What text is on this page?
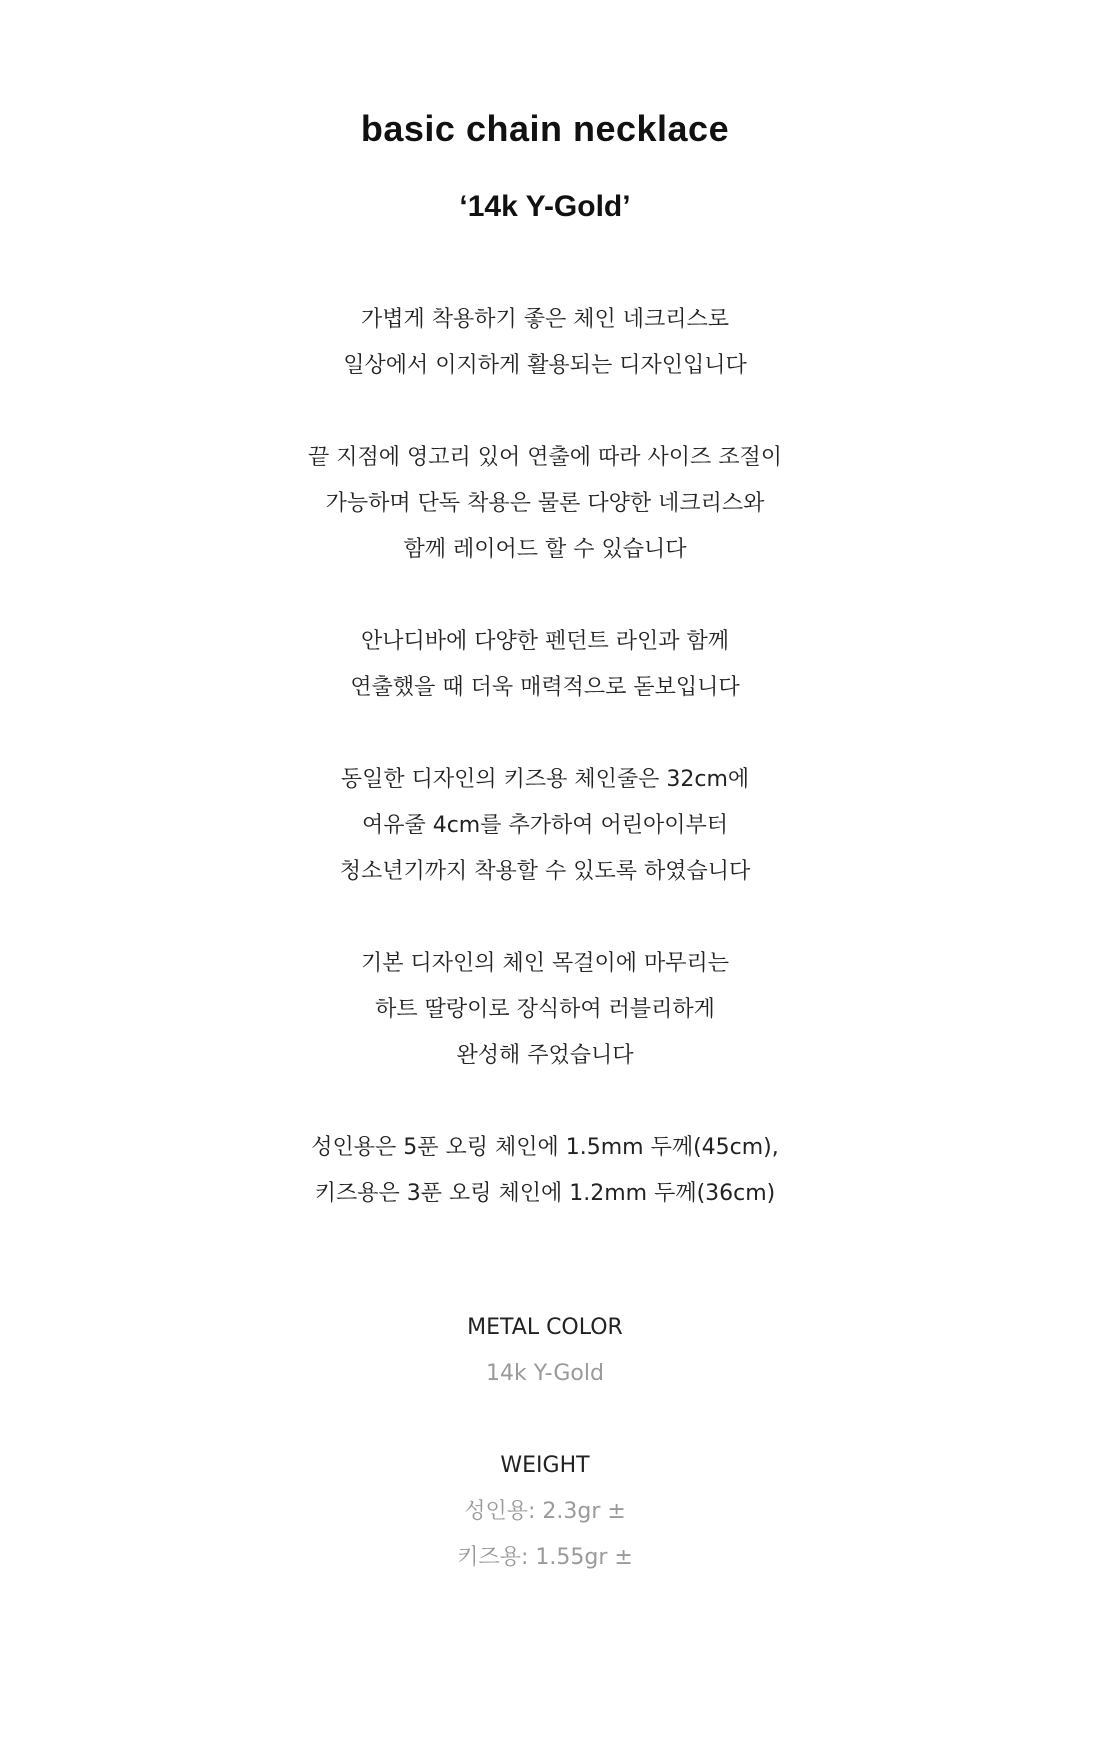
basic chain necklace
‘14k Y-Gold’
가볍게 착용하기 좋은 체인 네크리스로
일상에서 이지하게 활용되는 디자인입니다
끝 지점에 영고리 있어 연출에 따라 사이즈 조절이
가능하며 단독 착용은 물론 다양한 네크리스와
함께 레이어드 할 수 있습니다
안나디바에 다양한 펜던트 라인과 함께
연출했을 때 더욱 매력적으로 돋보입니다
동일한 디자인의 키즈용 체인줄은 32cm에
여유줄 4cm를 추가하여 어린아이부터
청소년기까지 착용할 수 있도록 하였습니다
기본 디자인의 체인 목걸이에 마무리는
하트 딸랑이로 장식하여 러블리하게
완성해 주었습니다
성인용은 5푼 오링 체인에 1.5mm 두께(45cm),
키즈용은 3푼 오링 체인에 1.2mm 두께(36cm)
METAL COLOR
14k Y-Gold
WEIGHT
성인용: 2.3gr ±
키즈용: 1.55gr ±
